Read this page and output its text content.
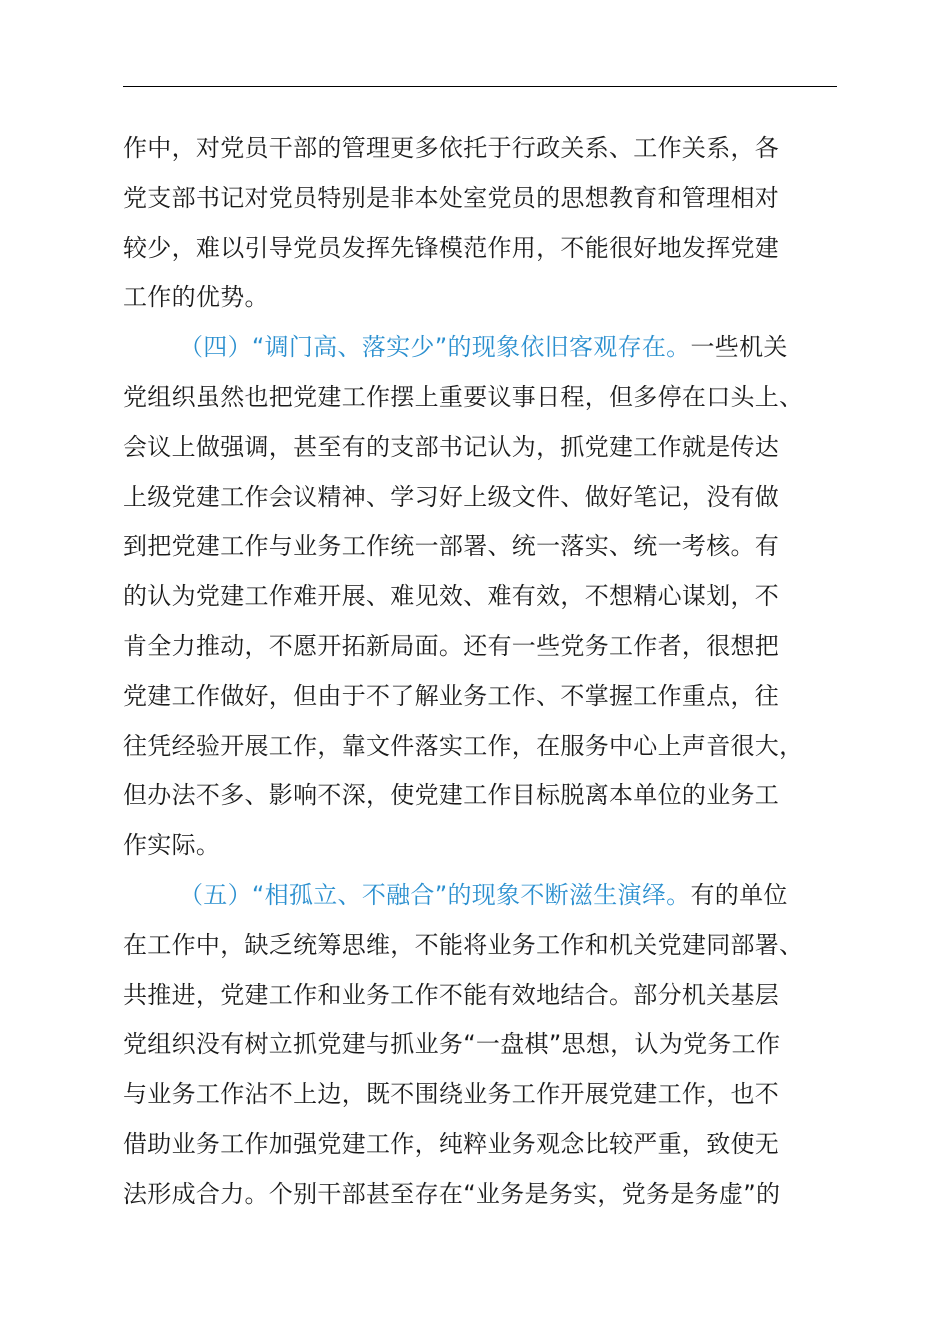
作中，对党员干部的管理更多依托于行政关系、工作关系，各
党支部书记对党员特别是非本处室党员的思想教育和管理相对
较少，难以引导党员发挥先锋模范作用，不能很好地发挥党建
工作的优势。
（四）“调门高、落实少”的现象依旧客观存在。一些机关
党组织虽然也把党建工作摆上重要议事日程，但多停在口头上、
会议上做强调，甚至有的支部书记认为，抓党建工作就是传达
上级党建工作会议精神、学习好上级文件、做好笔记，没有做
到把党建工作与业务工作统一部署、统一落实、统一考核。有
的认为党建工作难开展、难见效、难有效，不想精心谋划，不
肯全力推动，不愿开拓新局面。还有一些党务工作者，很想把
党建工作做好，但由于不了解业务工作、不掌握工作重点，往
往凭经验开展工作，靠文件落实工作，在服务中心上声音很大，
但办法不多、影响不深，使党建工作目标脱离本单位的业务工
作实际。
（五）“相孤立、不融合”的现象不断滋生演绎。有的单位
在工作中，缺乏统筹思维，不能将业务工作和机关党建同部署、
共推进，党建工作和业务工作不能有效地结合。部分机关基层
党组织没有树立抓党建与抓业务“一盘棋”思想，认为党务工作
与业务工作沾不上边，既不围绕业务工作开展党建工作，也不
借助业务工作加强党建工作，纯粹业务观念比较严重，致使无
法形成合力。个别干部甚至存在“业务是务实，党务是务虚”的
